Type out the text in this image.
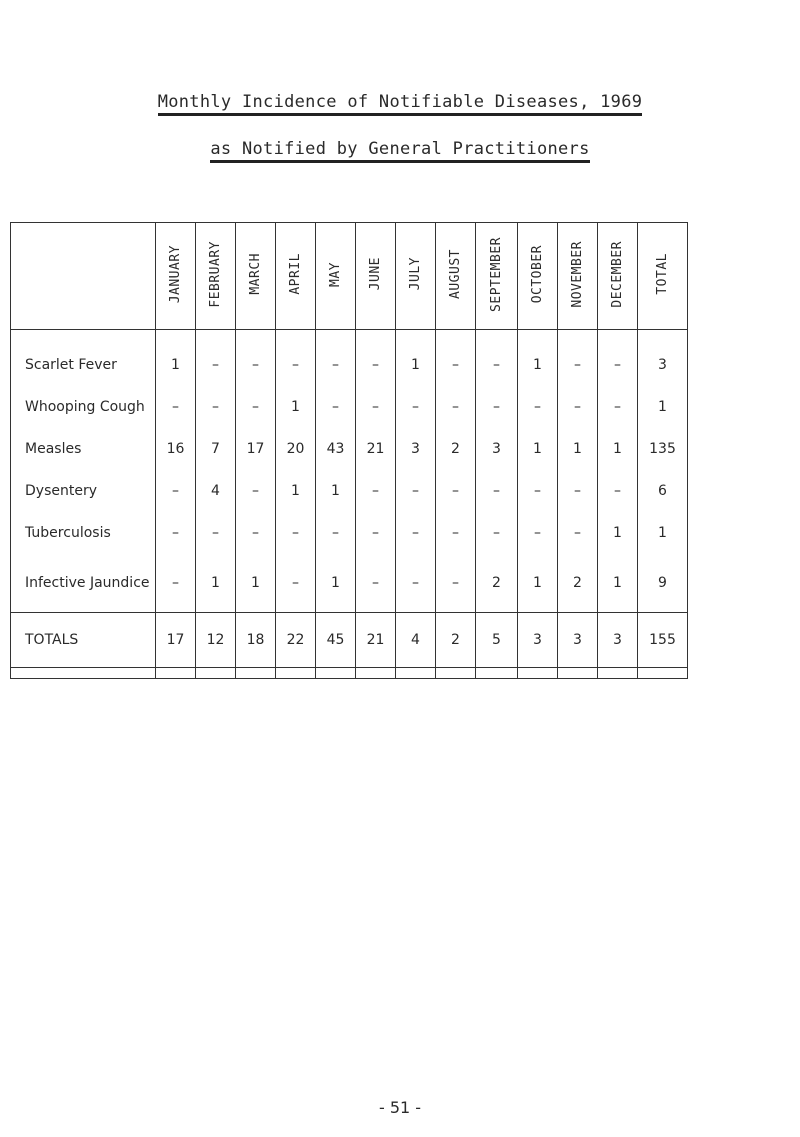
Monthly Incidence of Notifiable Diseases, 1969
as Notified by General Practitioners
	JANUARY	FEBRUARY	MARCH	APRIL	MAY	JUNE	JULY	AUGUST	SEPTEMBER	OCTOBER	NOVEMBER	DECEMBER	TOTAL
Scarlet Fever	1	–	–	–	–	–	1	–	–	1	–	–	3
Whooping Cough	–	–	–	1	–	–	–	–	–	–	–	–	1
Measles	16	7	17	20	43	21	3	2	3	1	1	1	135
Dysentery	–	4	–	1	1	–	–	–	–	–	–	–	6
Tuberculosis	–	–	–	–	–	–	–	–	–	–	–	1	1
Infective Jaundice	–	1	1	–	1	–	–	–	2	1	2	1	9
TOTALS	17	12	18	22	45	21	4	2	5	3	3	3	155

- 51 -
